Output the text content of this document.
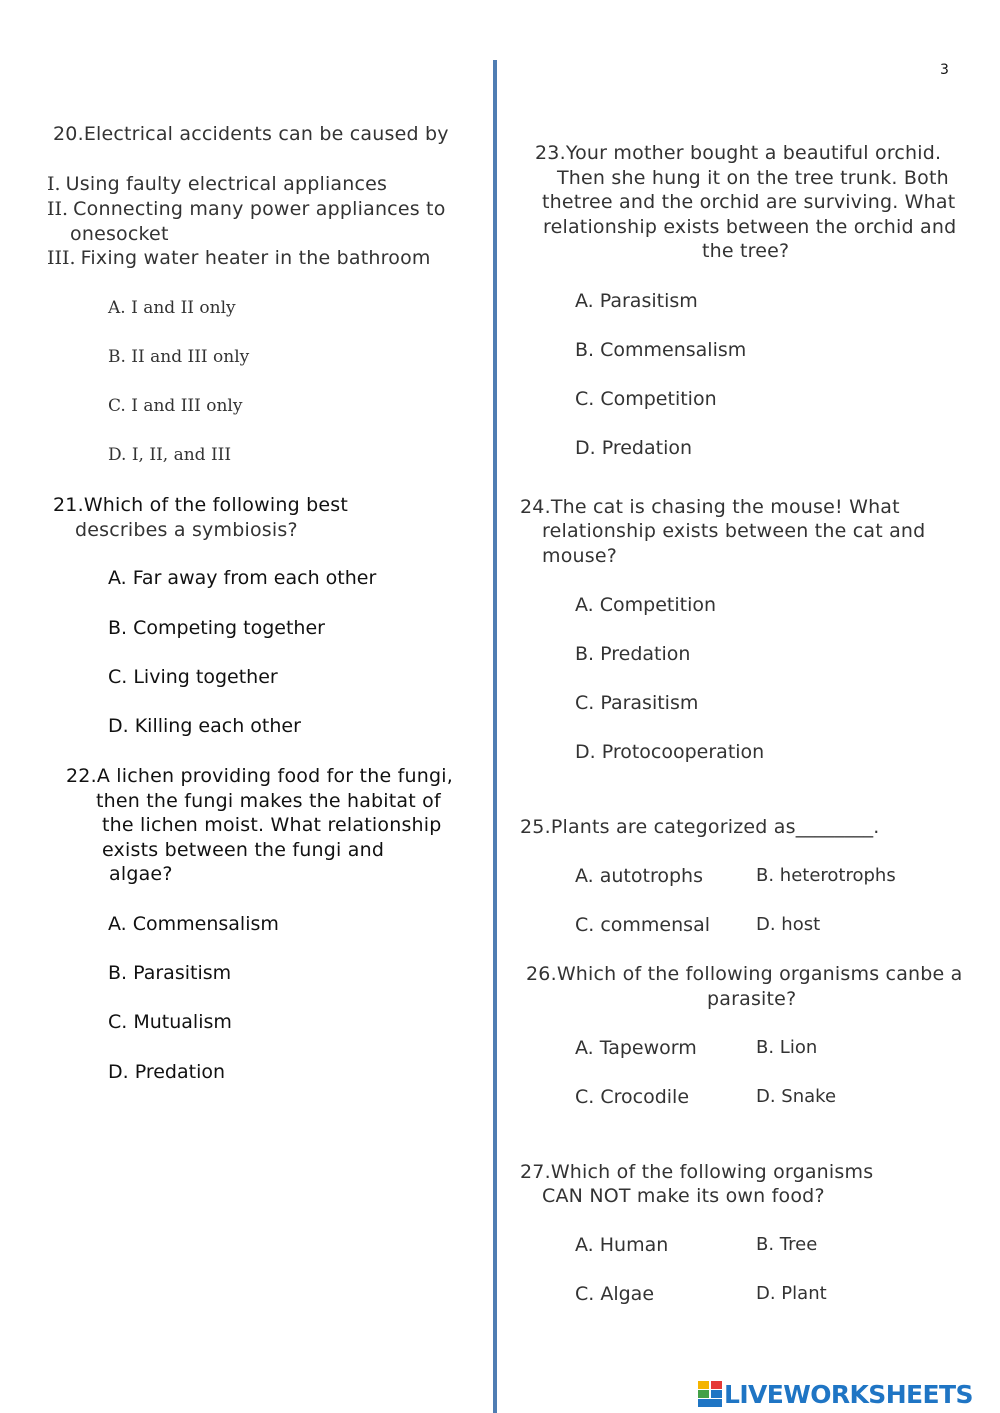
3
20.Electrical accidents can be caused by
I. Using faulty electrical appliances
II. Connecting many power appliances to
onesocket
III. Fixing water heater in the bathroom
A. I and II only
B. II and III only
C. I and III only
D. I, II, and III
21.Which of the following best
describes a symbiosis?
A. Far away from each other
B. Competing together
C. Living together
D. Killing each other
22.A lichen providing food for the fungi,
then the fungi makes the habitat of
the lichen moist. What relationship
exists between the fungi and
algae?
A. Commensalism
B. Parasitism
C. Mutualism
D. Predation
23.Your mother bought a beautiful orchid.
Then she hung it on the tree trunk. Both
thetree and the orchid are surviving. What
relationship exists between the orchid and
the tree?
A. Parasitism
B. Commensalism
C. Competition
D. Predation
24.The cat is chasing the mouse! What
relationship exists between the cat and
mouse?
A. Competition
B. Predation
C. Parasitism
D. Protocooperation
25.Plants are categorized as________.
A. autotrophs	B. heterotrophs
C. commensal	D. host
26.Which of the following organisms canbe a
parasite?
A. Tapeworm	B. Lion
C. Crocodile	D. Snake
27.Which of the following organisms
CAN NOT make its own food?
A. Human	B. Tree
C. Algae	D. Plant
LIVEWORKSHEETS
